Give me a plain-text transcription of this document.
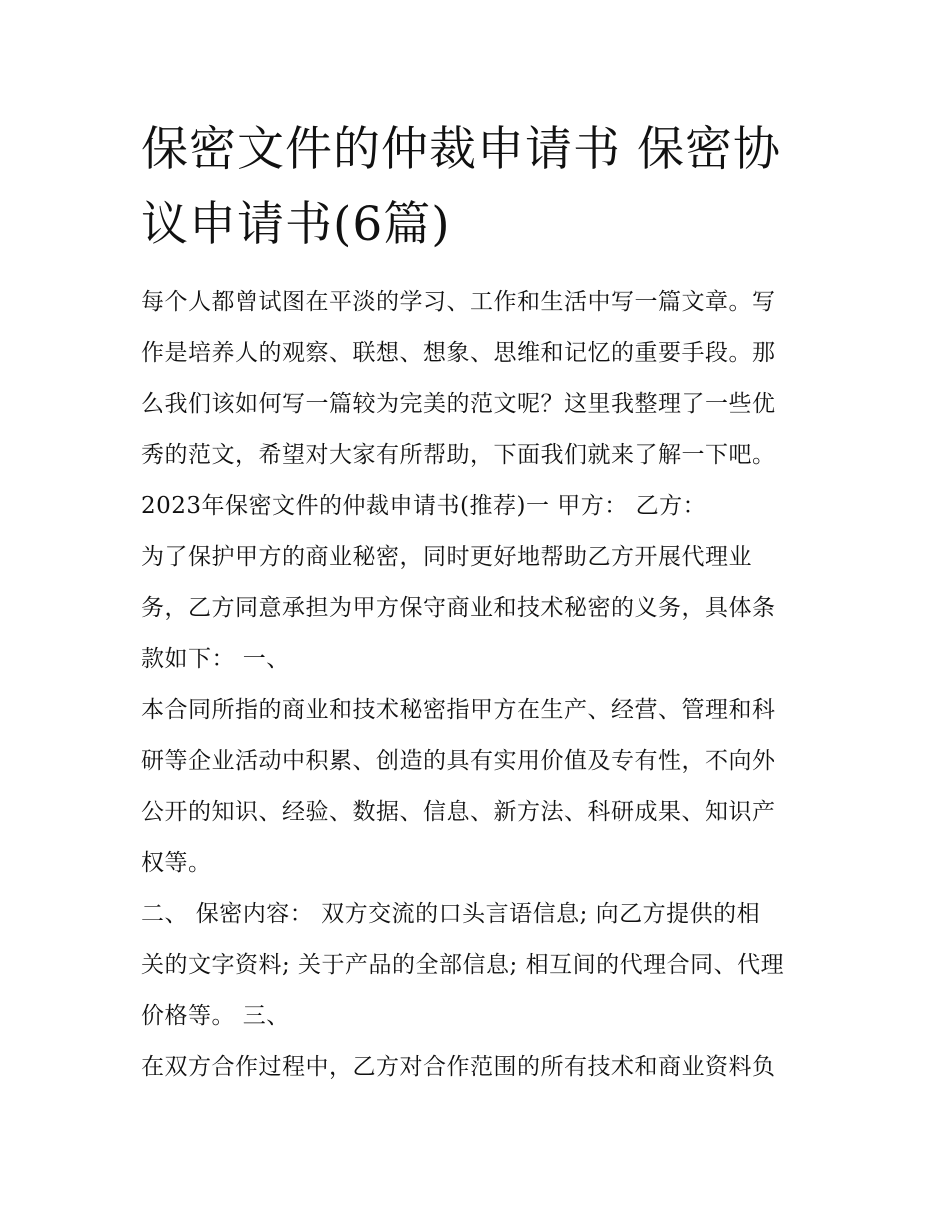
保密文件的仲裁申请书 保密协
议申请书(6篇)
每个人都曾试图在平淡的学习、工作和生活中写一篇文章。写
作是培养人的观察、联想、想象、思维和记忆的重要手段。那
么我们该如何写一篇较为完美的范文呢？这里我整理了一些优
秀的范文，希望对大家有所帮助，下面我们就来了解一下吧。
2023年保密文件的仲裁申请书(推荐)一 甲方： 乙方：
为了保护甲方的商业秘密，同时更好地帮助乙方开展代理业
务，乙方同意承担为甲方保守商业和技术秘密的义务，具体条
款如下： 一、
本合同所指的商业和技术秘密指甲方在生产、经营、管理和科
研等企业活动中积累、创造的具有实用价值及专有性，不向外
公开的知识、经验、数据、信息、新方法、科研成果、知识产
权等。
二、 保密内容： 双方交流的口头言语信息; 向乙方提供的相
关的文字资料; 关于产品的全部信息; 相互间的代理合同、代理
价格等。 三、
在双方合作过程中，乙方对合作范围的所有技术和商业资料负
